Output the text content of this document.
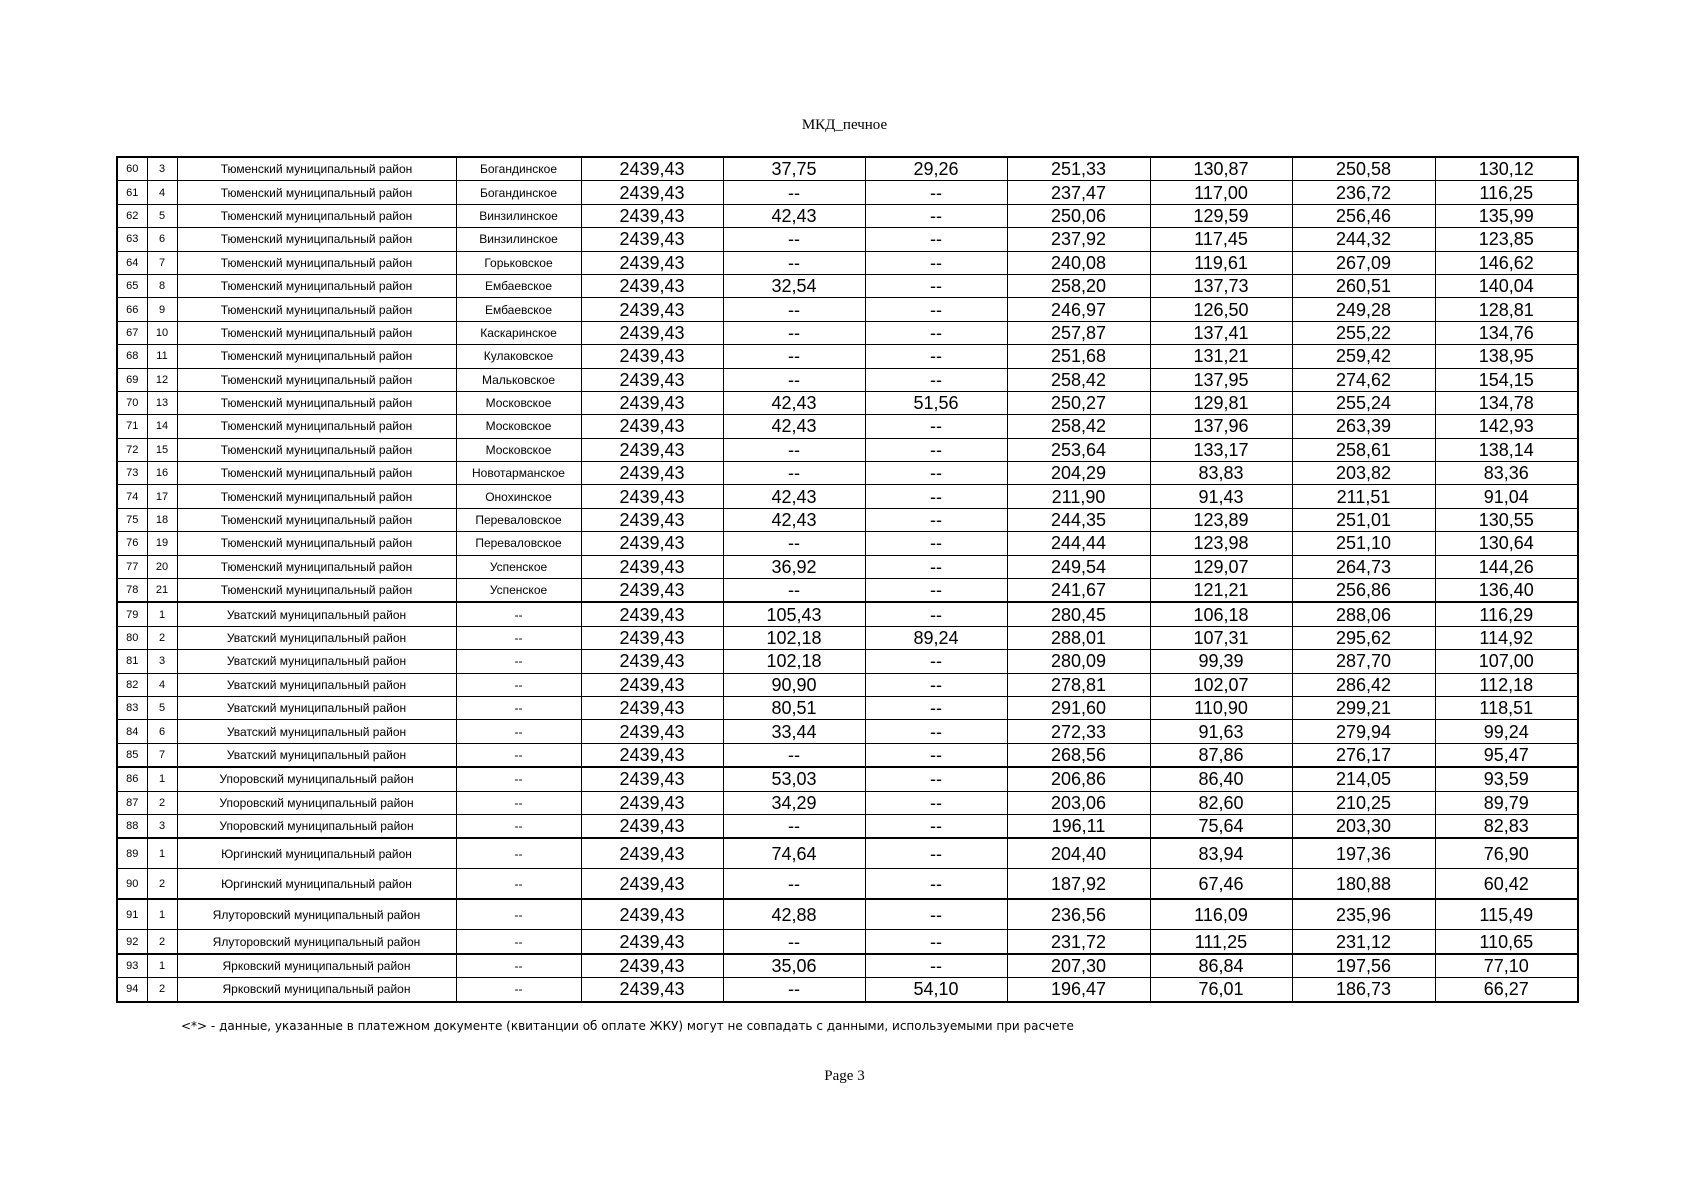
МКД_печное
60	3	Тюменский муниципальный район	Богандинское	2439,43	37,75	29,26	251,33	130,87	250,58	130,12
61	4	Тюменский муниципальный район	Богандинское	2439,43	--	--	237,47	117,00	236,72	116,25
62	5	Тюменский муниципальный район	Винзилинское	2439,43	42,43	--	250,06	129,59	256,46	135,99
63	6	Тюменский муниципальный район	Винзилинское	2439,43	--	--	237,92	117,45	244,32	123,85
64	7	Тюменский муниципальный район	Горьковское	2439,43	--	--	240,08	119,61	267,09	146,62
65	8	Тюменский муниципальный район	Ембаевское	2439,43	32,54	--	258,20	137,73	260,51	140,04
66	9	Тюменский муниципальный район	Ембаевское	2439,43	--	--	246,97	126,50	249,28	128,81
67	10	Тюменский муниципальный район	Каскаринское	2439,43	--	--	257,87	137,41	255,22	134,76
68	11	Тюменский муниципальный район	Кулаковское	2439,43	--	--	251,68	131,21	259,42	138,95
69	12	Тюменский муниципальный район	Мальковское	2439,43	--	--	258,42	137,95	274,62	154,15
70	13	Тюменский муниципальный район	Московское	2439,43	42,43	51,56	250,27	129,81	255,24	134,78
71	14	Тюменский муниципальный район	Московское	2439,43	42,43	--	258,42	137,96	263,39	142,93
72	15	Тюменский муниципальный район	Московское	2439,43	--	--	253,64	133,17	258,61	138,14
73	16	Тюменский муниципальный район	Новотарманское	2439,43	--	--	204,29	83,83	203,82	83,36
74	17	Тюменский муниципальный район	Онохинское	2439,43	42,43	--	211,90	91,43	211,51	91,04
75	18	Тюменский муниципальный район	Переваловское	2439,43	42,43	--	244,35	123,89	251,01	130,55
76	19	Тюменский муниципальный район	Переваловское	2439,43	--	--	244,44	123,98	251,10	130,64
77	20	Тюменский муниципальный район	Успенское	2439,43	36,92	--	249,54	129,07	264,73	144,26
78	21	Тюменский муниципальный район	Успенское	2439,43	--	--	241,67	121,21	256,86	136,40
79	1	Уватский муниципальный район	--	2439,43	105,43	--	280,45	106,18	288,06	116,29
80	2	Уватский муниципальный район	--	2439,43	102,18	89,24	288,01	107,31	295,62	114,92
81	3	Уватский муниципальный район	--	2439,43	102,18	--	280,09	99,39	287,70	107,00
82	4	Уватский муниципальный район	--	2439,43	90,90	--	278,81	102,07	286,42	112,18
83	5	Уватский муниципальный район	--	2439,43	80,51	--	291,60	110,90	299,21	118,51
84	6	Уватский муниципальный район	--	2439,43	33,44	--	272,33	91,63	279,94	99,24
85	7	Уватский муниципальный район	--	2439,43	--	--	268,56	87,86	276,17	95,47
86	1	Упоровский муниципальный район	--	2439,43	53,03	--	206,86	86,40	214,05	93,59
87	2	Упоровский муниципальный район	--	2439,43	34,29	--	203,06	82,60	210,25	89,79
88	3	Упоровский муниципальный район	--	2439,43	--	--	196,11	75,64	203,30	82,83
89	1	Юргинский муниципальный район	--	2439,43	74,64	--	204,40	83,94	197,36	76,90
90	2	Юргинский муниципальный район	--	2439,43	--	--	187,92	67,46	180,88	60,42
91	1	Ялуторовский муниципальный район	--	2439,43	42,88	--	236,56	116,09	235,96	115,49
92	2	Ялуторовский муниципальный район	--	2439,43	--	--	231,72	111,25	231,12	110,65
93	1	Ярковский муниципальный район	--	2439,43	35,06	--	207,30	86,84	197,56	77,10
94	2	Ярковский муниципальный район	--	2439,43	--	54,10	196,47	76,01	186,73	66,27
<*> - данные, указанные в платежном документе (квитанции об оплате ЖКУ) могут не совпадать с данными, используемыми при расчете
Page 3
